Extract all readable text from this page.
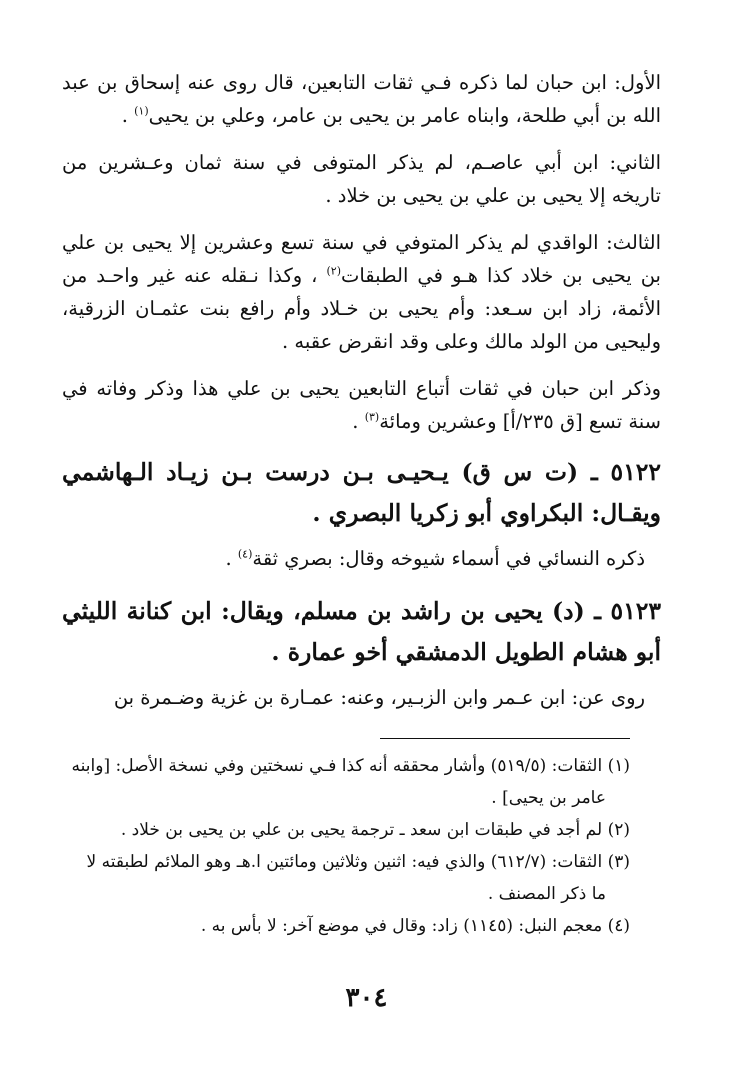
الأول: ابن حبان لما ذكره فـي ثقات التابعين، قال روى عنه إسحاق بن عبد الله بن أبي طلحة، وابناه عامر بن يحيى بن عامر، وعلي بن يحيى$^{(١)}$ .

الثاني: ابن أبي عاصـم، لم يذكر المتوفى في سنة ثمان وعـشرين من تاريخه إلا يحيى بن علي بن يحيى بن خلاد .

الثالث: الواقدي لم يذكر المتوفي في سنة تسع وعشرين إلا يحيى بن علي بن يحيى بن خلاد كذا هـو في الطبقات$^{(٢)}$ ، وكذا نـقله عنه غير واحـد من الأئمة، زاد ابن سـعد: وأم يحيى بن خـلاد وأم رافع بنت عثمـان الزرقية، وليحيى من الولد مالك وعلى وقد انقرض عقبه .

وذكر ابن حبان في ثقات أتباع التابعين يحيى بن علي هذا وذكر وفاته في سنة تسع [ق ٢٣٥/أ] وعشرين ومائة$^{(٣)}$ .

٥١٢٢ ـ (ت س ق) يـحيـى بـن درست بـن زيـاد الـهاشمي ويقـال: البكراوي أبو زكريا البصري .

ذكره النسائي في أسماء شيوخه وقال: بصري ثقة$^{(٤)}$ .

٥١٢٣ ـ (د) يحيى بن راشد بن مسلم، ويقال: ابن كنانة الليثي أبو هشام الطويل الدمشقي أخو عمارة .

روى عن: ابن عـمر وابن الزبـير، وعنه: عمـارة بن غزية وضـمرة بن

(١) الثقات: (٥١٩/٥) وأشار محققه أنه كذا فـي نسختين وفي نسخة الأصل: [وابنه
عامر بن يحيى] .

(٢) لم أجد في طبقات ابن سعد ـ ترجمة يحيى بن علي بن يحيى بن خلاد .

(٣) الثقات: (٦١٢/٧) والذي فيه: اثنين وثلاثين ومائتين ا.هـ وهو الملائم لطبقته لا
ما ذكر المصنف .

(٤) معجم النبل: (١١٤٥) زاد: وقال في موضع آخر: لا بأس به .

٣٠٤
